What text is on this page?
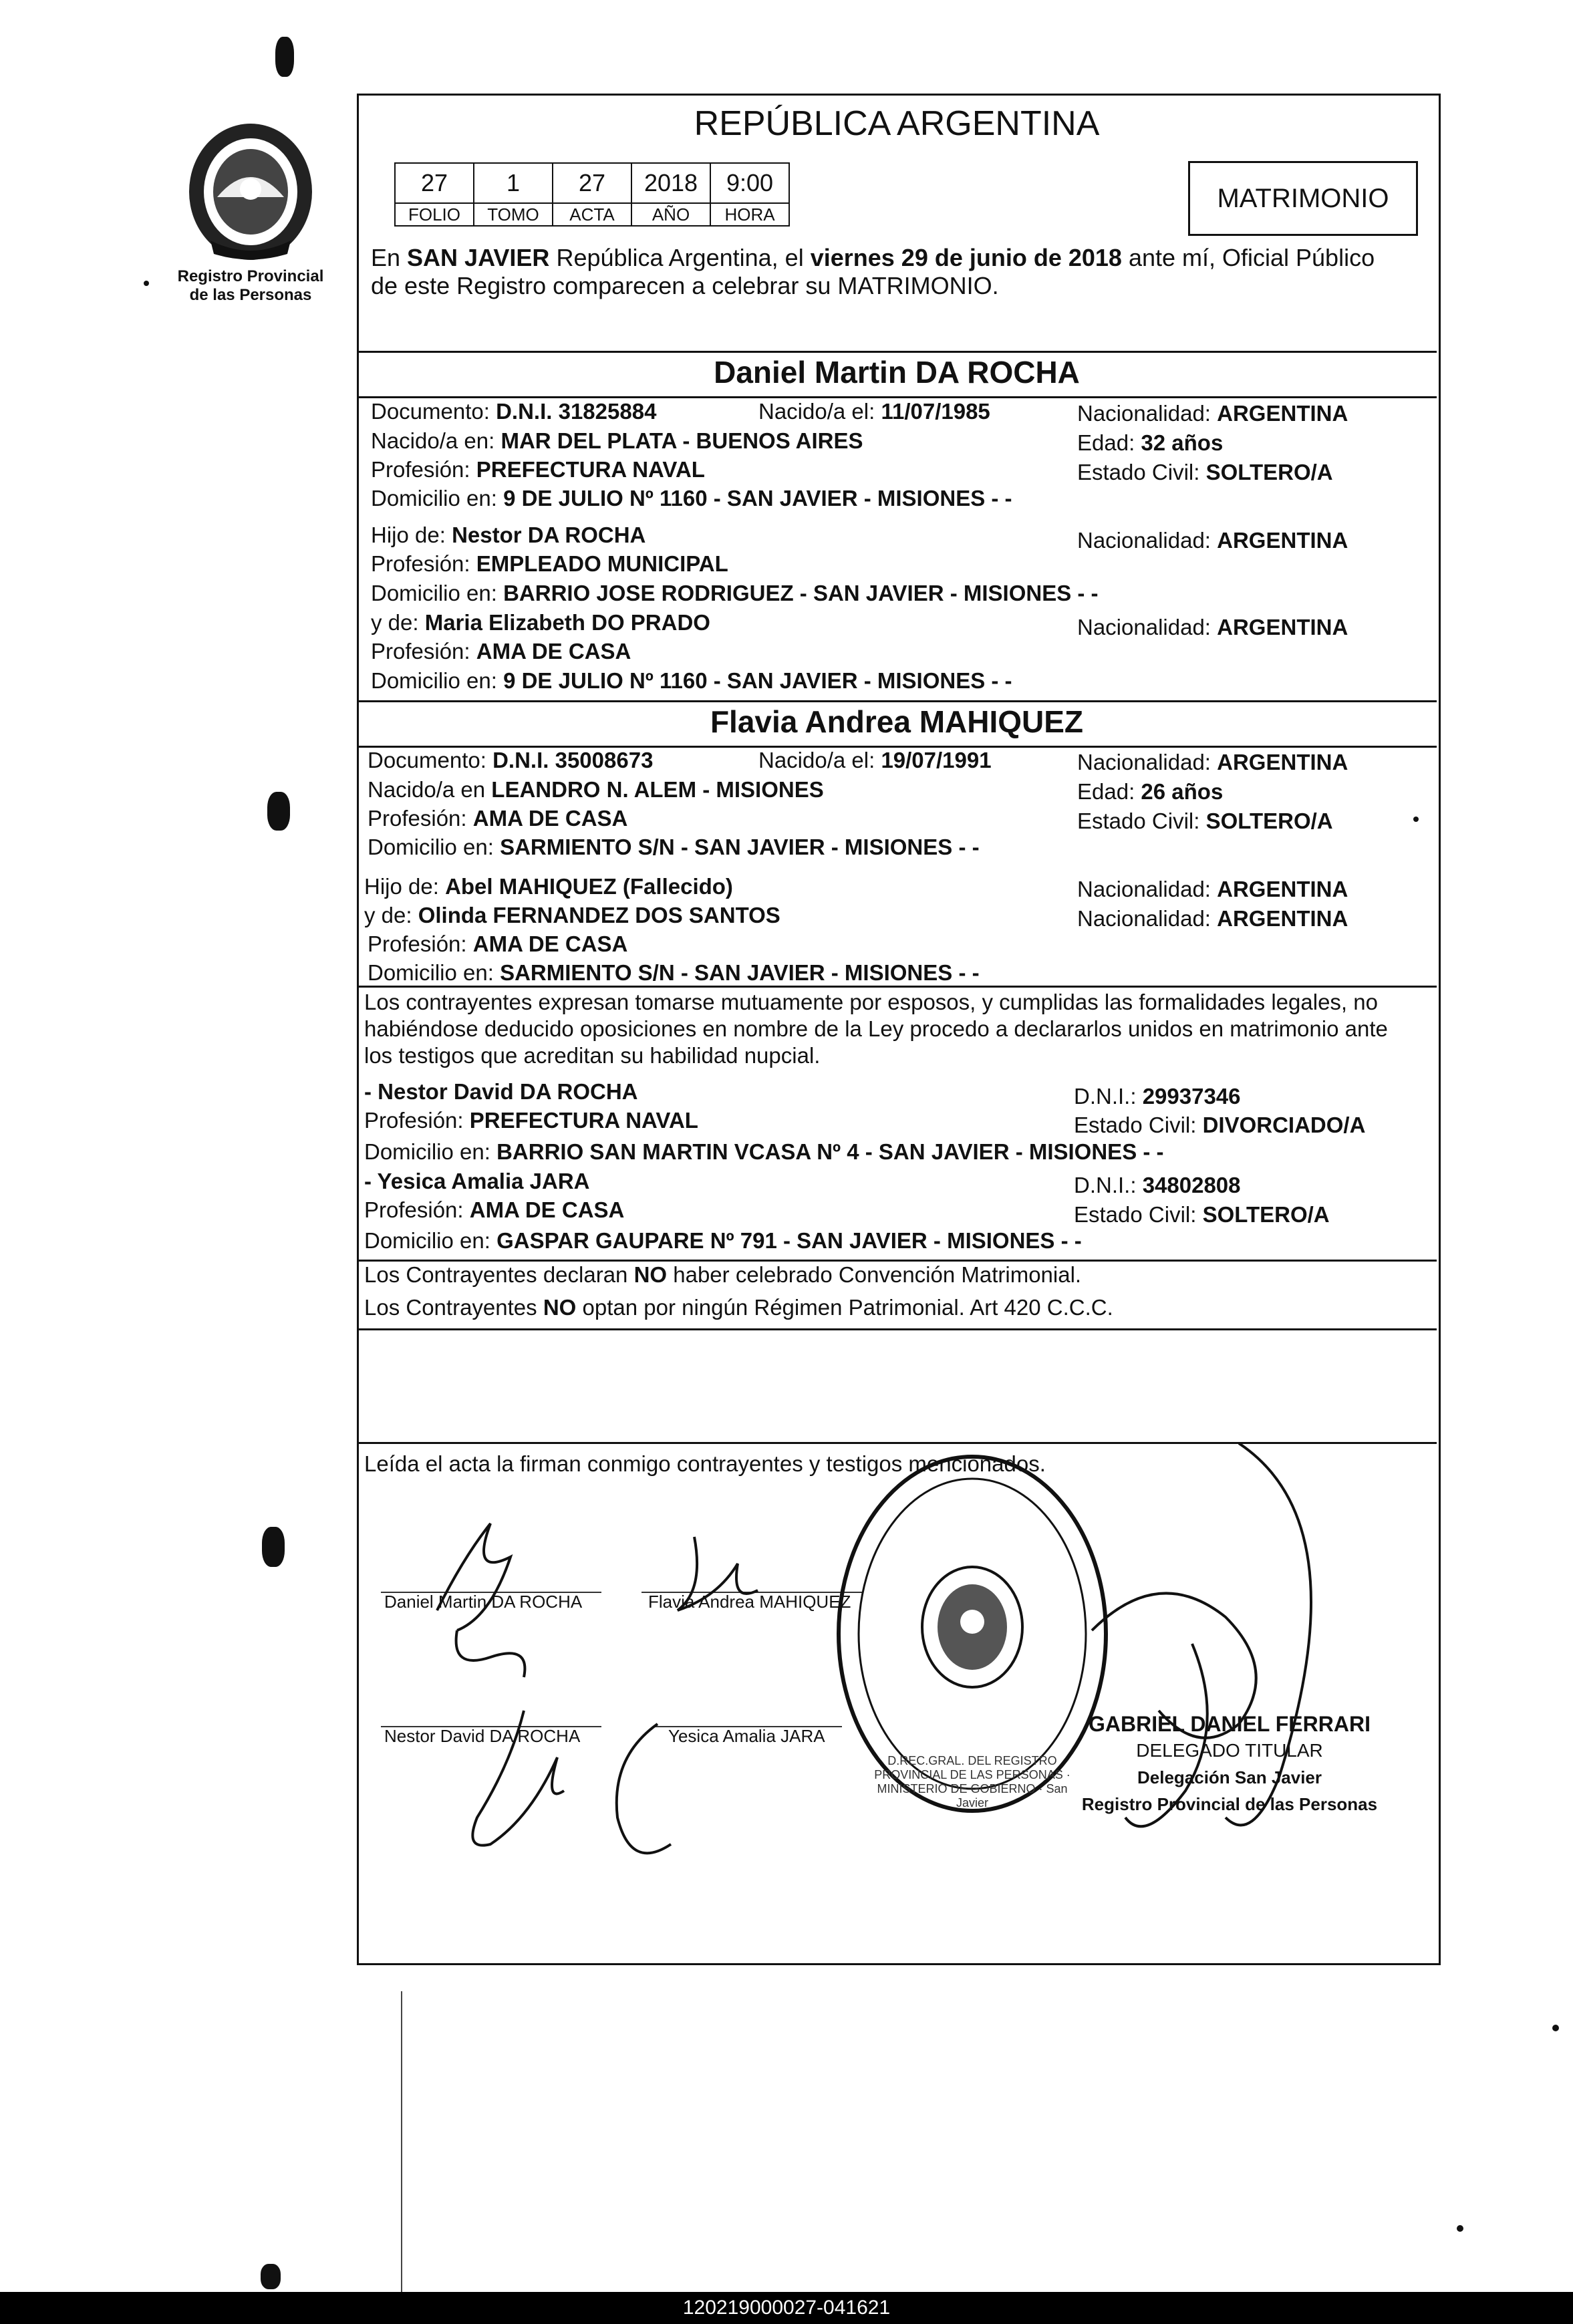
Registro Provincial
de las Personas
REPÚBLICA ARGENTINA
27	1	27	2018	9:00
FOLIO	TOMO	ACTA	AÑO	HORA
MATRIMONIO
En SAN JAVIER República Argentina, el viernes 29 de junio de 2018 ante mí, Oficial Público
de este Registro comparecen a celebrar su MATRIMONIO.
Daniel Martin DA ROCHA
Documento: D.N.I. 31825884	Nacido/a el: 11/07/1985	Nacionalidad: ARGENTINA
Nacido/a en: MAR DEL PLATA - BUENOS AIRES	Edad: 32 años
Profesión: PREFECTURA NAVAL	Estado Civil: SOLTERO/A
Domicilio en: 9 DE JULIO Nº 1160 - SAN JAVIER - MISIONES - -
Hijo de: Nestor DA ROCHA	Nacionalidad: ARGENTINA
Profesión: EMPLEADO MUNICIPAL
Domicilio en: BARRIO JOSE RODRIGUEZ - SAN JAVIER - MISIONES - -
y de: Maria Elizabeth DO PRADO	Nacionalidad: ARGENTINA
Profesión: AMA DE CASA
Domicilio en: 9 DE JULIO Nº 1160 - SAN JAVIER - MISIONES - -
Flavia Andrea MAHIQUEZ
Documento: D.N.I. 35008673	Nacido/a el: 19/07/1991	Nacionalidad: ARGENTINA
Nacido/a en LEANDRO N. ALEM - MISIONES	Edad: 26 años
Profesión: AMA DE CASA	Estado Civil: SOLTERO/A
Domicilio en: SARMIENTO S/N - SAN JAVIER - MISIONES - -
Hijo de: Abel MAHIQUEZ (Fallecido)	Nacionalidad: ARGENTINA
y de: Olinda FERNANDEZ DOS SANTOS	Nacionalidad: ARGENTINA
Profesión: AMA DE CASA
Domicilio en: SARMIENTO S/N - SAN JAVIER - MISIONES - -
Los contrayentes expresan tomarse mutuamente por esposos, y cumplidas las formalidades legales, no
habiéndose deducido oposiciones en nombre de la Ley procedo a declararlos unidos en matrimonio ante
los testigos que acreditan su habilidad nupcial.
- Nestor David DA ROCHA	D.N.I.: 29937346
Profesión: PREFECTURA NAVAL	Estado Civil: DIVORCIADO/A
Domicilio en: BARRIO SAN MARTIN VCASA Nº 4 - SAN JAVIER - MISIONES - -
- Yesica Amalia JARA	D.N.I.: 34802808
Profesión: AMA DE CASA	Estado Civil: SOLTERO/A
Domicilio en: GASPAR GAUPARE Nº 791 - SAN JAVIER - MISIONES - -
Los Contrayentes declaran NO haber celebrado Convención Matrimonial.
Los Contrayentes NO optan por ningún Régimen Patrimonial. Art 420 C.C.C.
Leída el acta la firman conmigo contrayentes y testigos mencionados.
Daniel Martin DA ROCHA	Flavia Andrea MAHIQUEZ
Nestor David DA ROCHA	Yesica Amalia JARA
D.REC.GRAL. DEL REGISTRO PROVINCIAL DE LAS PERSONAS · MINISTERIO DE GOBIERNO · San Javier
GABRIEL DANIEL FERRARI
DELEGADO TITULAR
Delegación San Javier
Registro Provincial de las Personas
120219000027-041621
